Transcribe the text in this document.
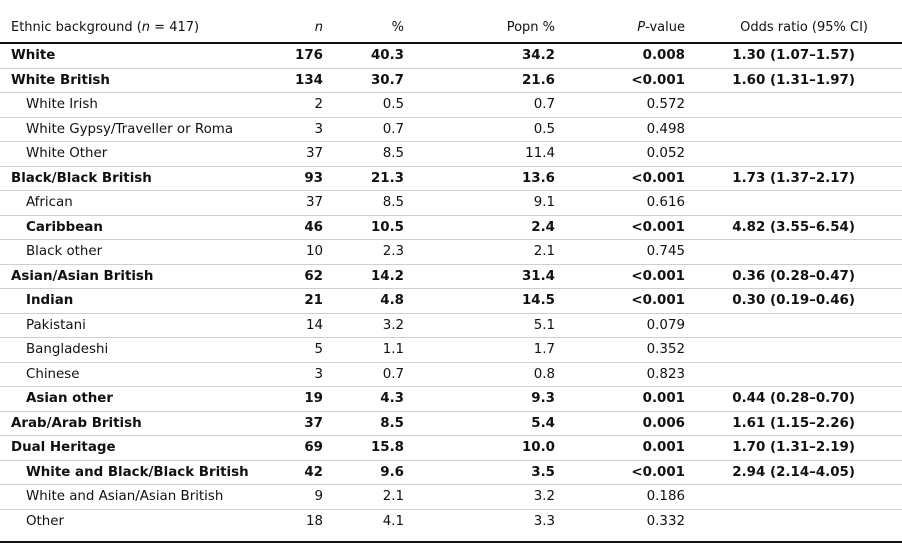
Ethnic background (n = 417)	n	%	Popn %	P-value	Odds ratio (95% CI)
White	176	40.3	34.2	0.008	1.30 (1.07–1.57)
White British	134	30.7	21.6	<0.001	1.60 (1.31–1.97)
White Irish	2	0.5	0.7	0.572
White Gypsy/Traveller or Roma	3	0.7	0.5	0.498
White Other	37	8.5	11.4	0.052
Black/Black British	93	21.3	13.6	<0.001	1.73 (1.37–2.17)
African	37	8.5	9.1	0.616
Caribbean	46	10.5	2.4	<0.001	4.82 (3.55–6.54)
Black other	10	2.3	2.1	0.745
Asian/Asian British	62	14.2	31.4	<0.001	0.36 (0.28–0.47)
Indian	21	4.8	14.5	<0.001	0.30 (0.19–0.46)
Pakistani	14	3.2	5.1	0.079
Bangladeshi	5	1.1	1.7	0.352
Chinese	3	0.7	0.8	0.823
Asian other	19	4.3	9.3	0.001	0.44 (0.28–0.70)
Arab/Arab British	37	8.5	5.4	0.006	1.61 (1.15–2.26)
Dual Heritage	69	15.8	10.0	0.001	1.70 (1.31–2.19)
White and Black/Black British	42	9.6	3.5	<0.001	2.94 (2.14–4.05)
White and Asian/Asian British	9	2.1	3.2	0.186
Other	18	4.1	3.3	0.332
